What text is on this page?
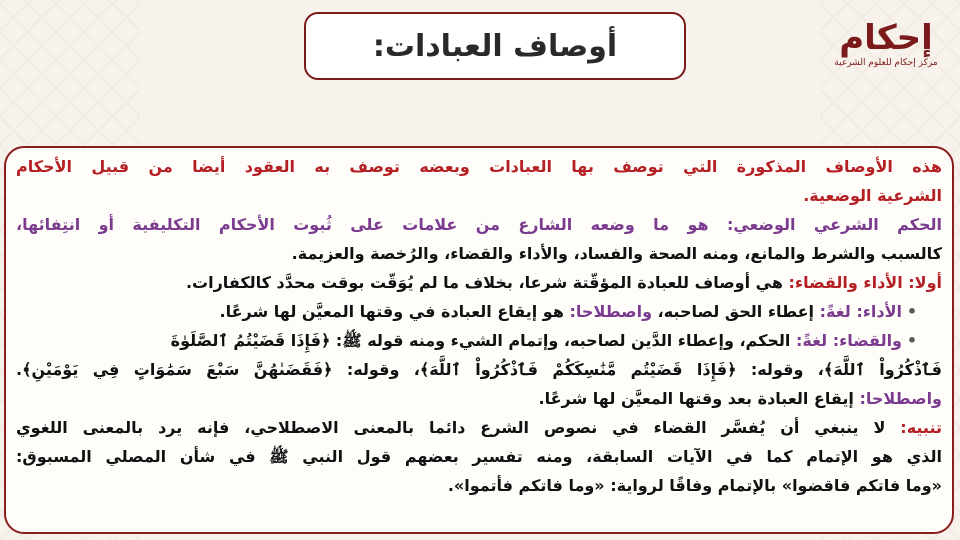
أوصاف العبادات:	إحكام
مركز إحكام للعلوم الشرعية
هذه الأوصاف المذكورة التي توصف بها العبادات وبعضه توصف به العقود أيضا من قبيل الأحكام
الشرعية الوضعية.
الحكم الشرعي الوضعي: هو ما وضعه الشارع من علامات على ثُبوت الأحكام التكليفية أو انتِفائها،
كالسبب والشرط والمانع، ومنه الصحة والفساد، والأداء والقضاء، والرُخصة والعزيمة.
أولا: الأداء والقضاء: هي أوصاف للعبادة المؤقّتة شرعا، بخلاف ما لم يُوَقّت بوقت محدَّد كالكفارات.
•الأداء: لغةً: إعطاء الحق لصاحبه، واصطلاحا: هو إيقاع العبادة في وقتها المعيَّن لها شرعًا.
•والقضاء: لغةً: الحكم، وإعطاء الدَّين لصاحبه، وإتمام الشيء ومنه قوله ﷺ: ﴿فَإِذَا قَضَيْتُمُ ٱلصَّلَوٰةَ
فَٱذْكُرُواْ ٱللَّهَ﴾، وقوله: ﴿فَإِذَا قَضَيْتُم مَّنَٰسِكَكُمْ فَٱذْكُرُواْ ٱللَّهَ﴾، وقوله: ﴿فَقَضَىٰهُنَّ سَبْعَ سَمَٰوَاتٍ فِي يَوْمَيْنِ﴾.
واصطلاحا: إيقاع العبادة بعد وقتها المعيَّن لها شرعًا.
تنبيه: لا ينبغي أن يُفسَّر القضاء في نصوص الشرع دائما بالمعنى الاصطلاحي، فإنه يرد بالمعنى اللغوي
الذي هو الإتمام كما في الآيات السابقة، ومنه تفسير بعضهم قول النبي ﷺ في شأن المصلي المسبوق:
«وما فاتكم فاقضوا» بالإتمام وفاقًا لرواية: «وما فاتكم فأتموا».
